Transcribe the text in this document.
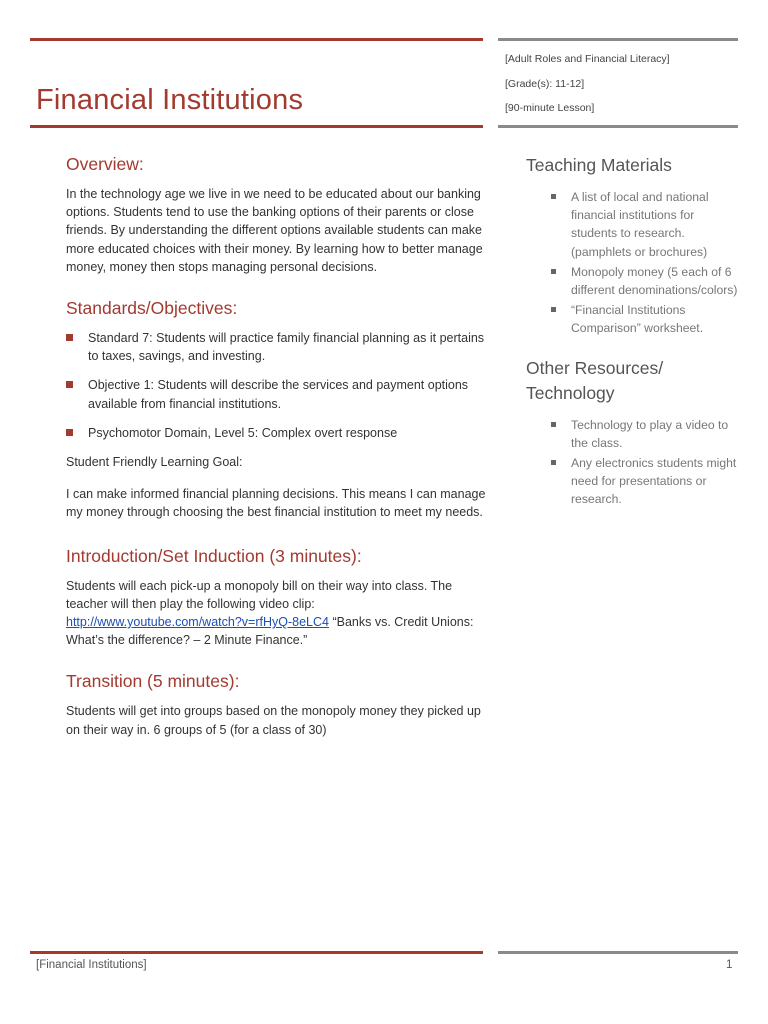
[Adult Roles and Financial Literacy]
[Grade(s): 11-12]
[90-minute Lesson]
Financial Institutions
Overview:

In the technology age we live in we need to be educated about our banking options. Students tend to use the banking options of their parents or close friends. By understanding the different options available students can make more educated choices with their money. By learning how to better manage money, money then stops managing personal decisions.

Standards/Objectives:
Standard 7: Students will practice family financial planning as it pertains to taxes, savings, and investing.
Objective 1: Students will describe the services and payment options available from financial institutions.
Psychomotor Domain, Level 5: Complex overt response

Student Friendly Learning Goal:

I can make informed financial planning decisions. This means I can manage my money through choosing the best financial institution to meet my needs.

Introduction/Set Induction (3 minutes):

Students will each pick-up a monopoly bill on their way into class. The teacher will then play the following video clip: http://www.youtube.com/watch?v=rfHyQ-8eLC4 “Banks vs. Credit Unions: What’s the difference? – 2 Minute Finance.”

Transition (5 minutes):

Students will get into groups based on the monopoly money they picked up on their way in. 6 groups of 5 (for a class of 30)

Teaching Materials
A list of local and national financial institutions for students to research. (pamphlets or brochures)
Monopoly money (5 each of 6 different denominations/colors)
“Financial Institutions Comparison” worksheet.
Other Resources/ Technology
Technology to play a video to the class.
Any electronics students might need for presentations or research.
[Financial Institutions]	1
